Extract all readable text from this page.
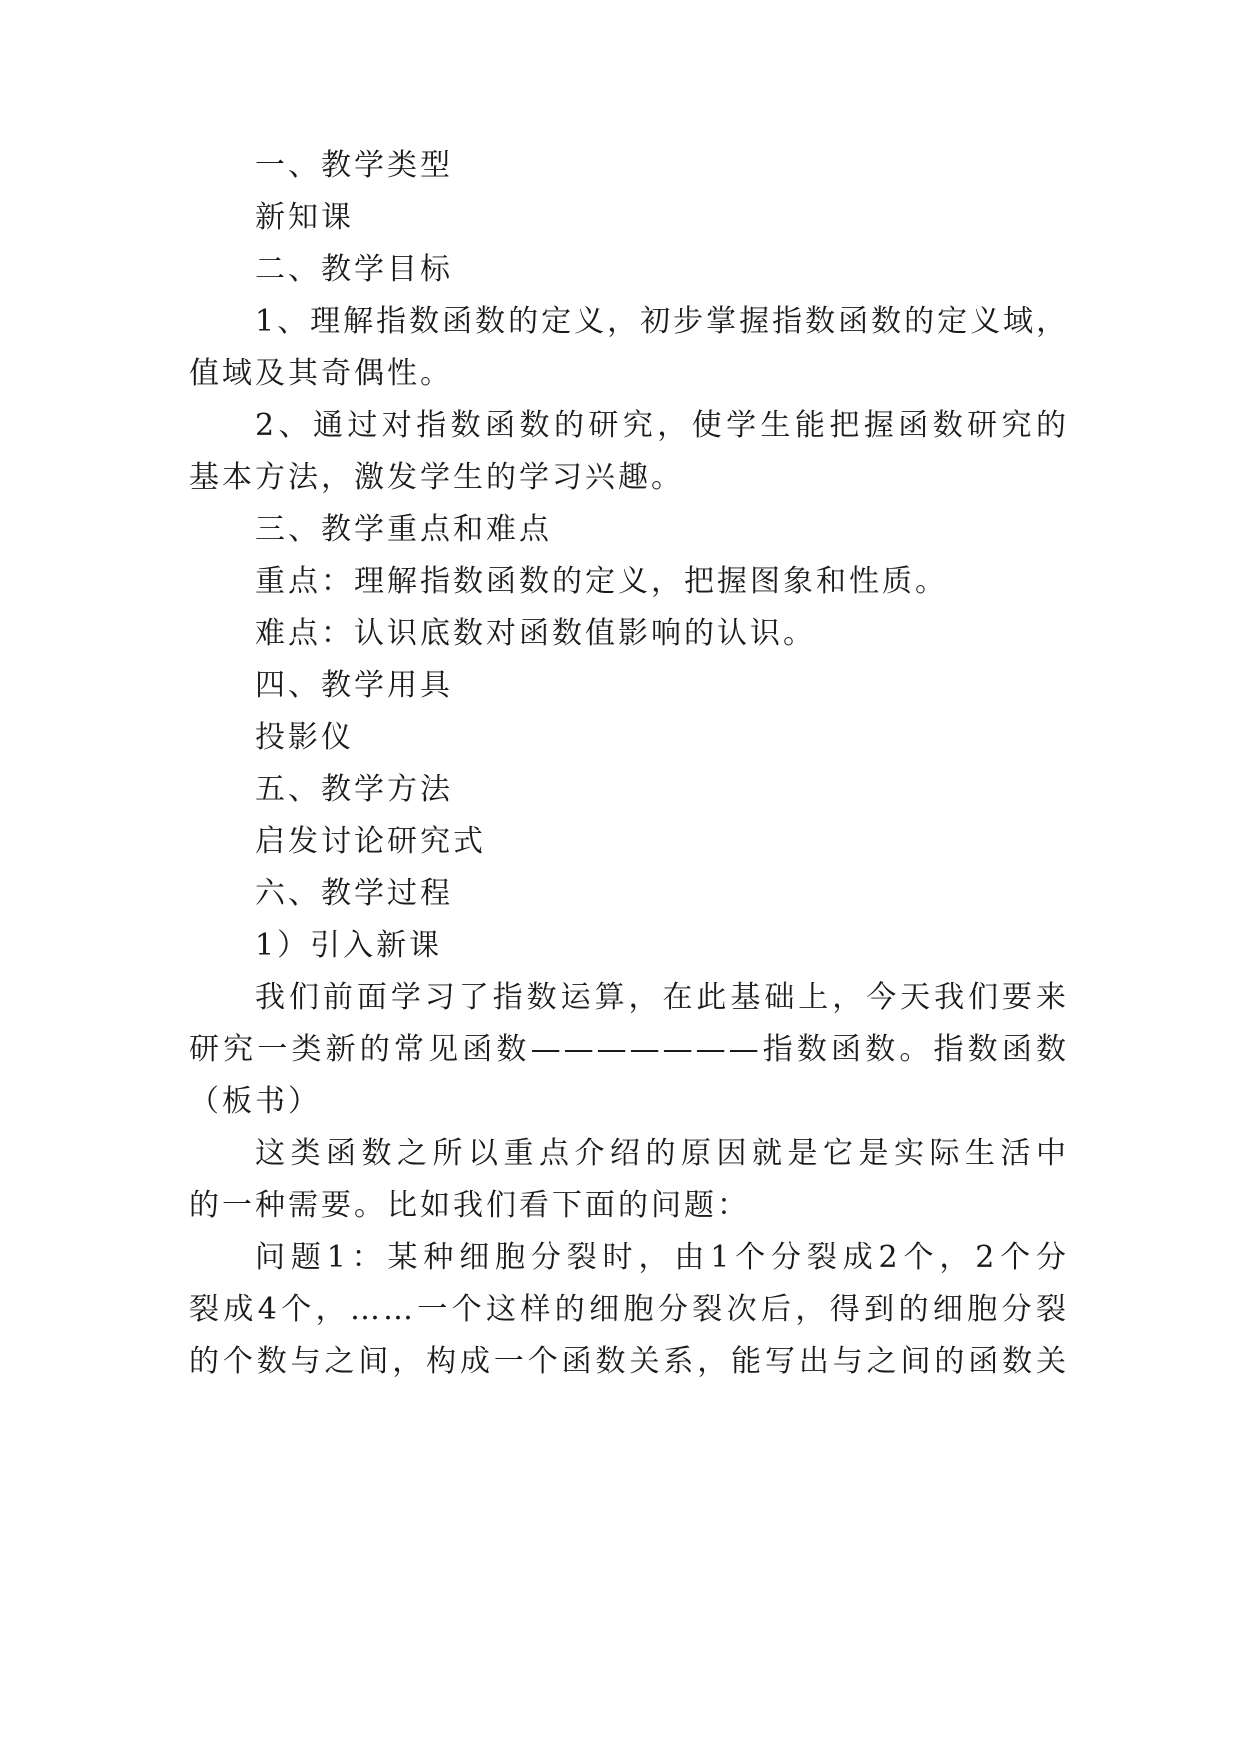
一、教学类型
新知课
二、教学目标
1、理解指数函数的定义，初步掌握指数函数的定义域，
值域及其奇偶性。
2、通过对指数函数的研究，使学生能把握函数研究的
基本方法，激发学生的学习兴趣。
三、教学重点和难点
重点：理解指数函数的定义，把握图象和性质。
难点：认识底数对函数值影响的认识。
四、教学用具
投影仪
五、教学方法
启发讨论研究式
六、教学过程
1）引入新课
我们前面学习了指数运算，在此基础上，今天我们要来
研究一类新的常见函数———————指数函数。指数函数
（板书）
这类函数之所以重点介绍的原因就是它是实际生活中
的一种需要。比如我们看下面的问题：
问题1：某种细胞分裂时，由1个分裂成2个，2个分
裂成4个，……一个这样的细胞分裂次后，得到的细胞分裂
的个数与之间，构成一个函数关系，能写出与之间的函数关
